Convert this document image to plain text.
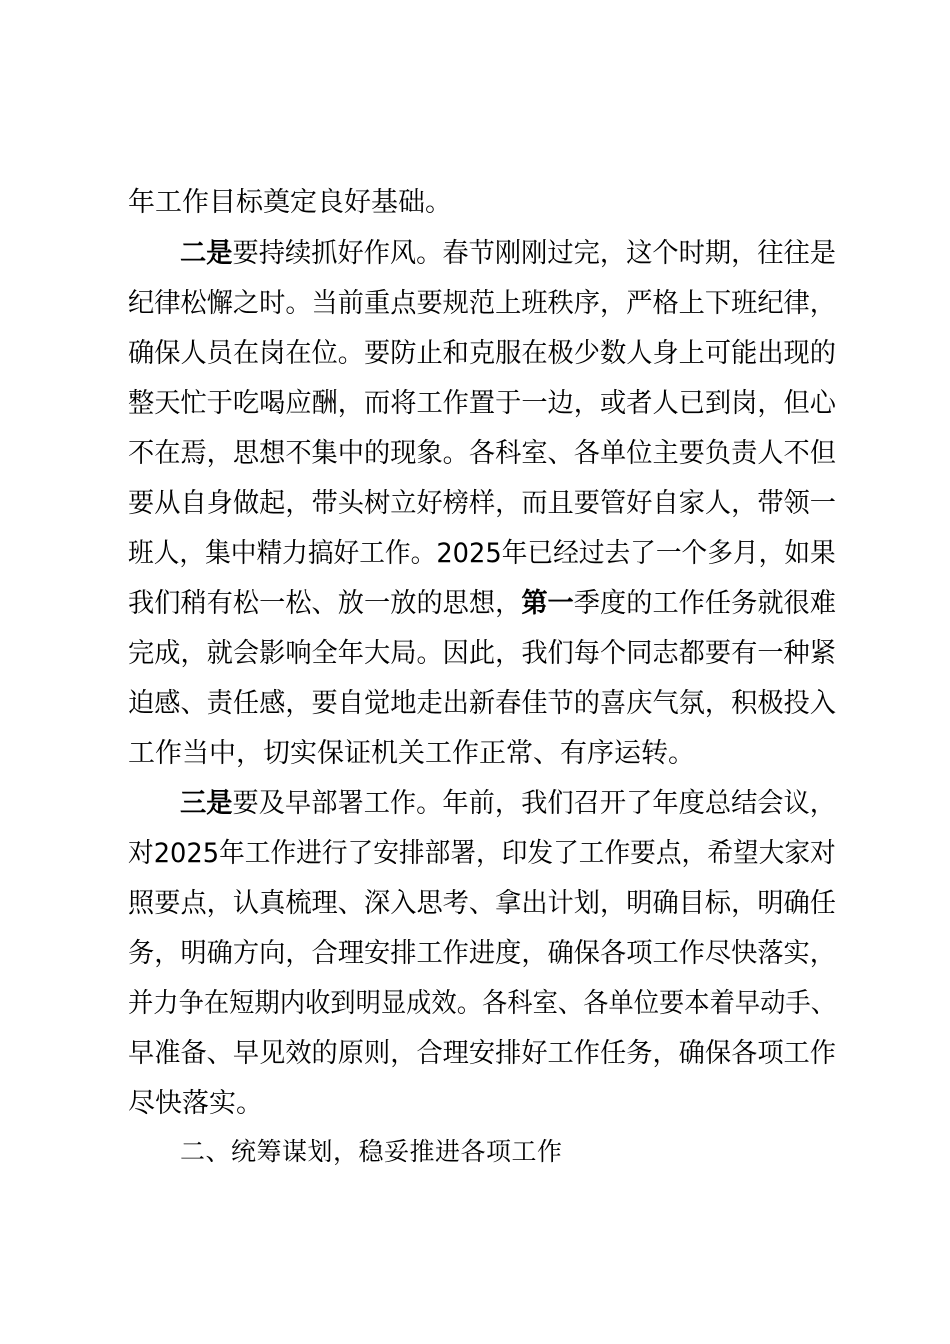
年工作目标奠定良好基础。
二是要持续抓好作风。春节刚刚过完，这个时期，往往是
纪律松懈之时。当前重点要规范上班秩序，严格上下班纪律，
确保人员在岗在位。要防止和克服在极少数人身上可能出现的
整天忙于吃喝应酬，而将工作置于一边，或者人已到岗，但心
不在焉，思想不集中的现象。各科室、各单位主要负责人不但
要从自身做起，带头树立好榜样，而且要管好自家人，带领一
班人，集中精力搞好工作。2025年已经过去了一个多月，如果
我们稍有松一松、放一放的思想，第一季度的工作任务就很难
完成，就会影响全年大局。因此，我们每个同志都要有一种紧
迫感、责任感，要自觉地走出新春佳节的喜庆气氛，积极投入
工作当中，切实保证机关工作正常、有序运转。
三是要及早部署工作。年前，我们召开了年度总结会议，
对2025年工作进行了安排部署，印发了工作要点，希望大家对
照要点，认真梳理、深入思考、拿出计划，明确目标，明确任
务，明确方向，合理安排工作进度，确保各项工作尽快落实，
并力争在短期内收到明显成效。各科室、各单位要本着早动手、
早准备、早见效的原则，合理安排好工作任务，确保各项工作
尽快落实。
二、统筹谋划，稳妥推进各项工作
